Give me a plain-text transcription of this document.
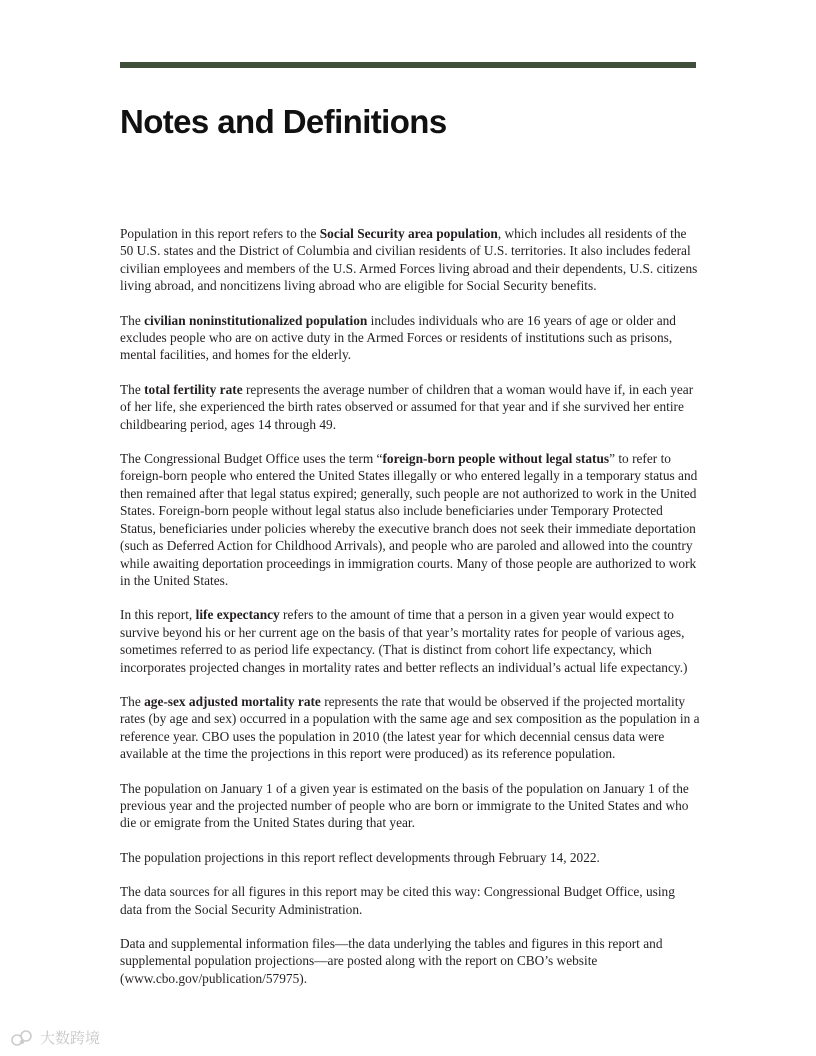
Notes and Definitions

Population in this report refers to the Social Security area population, which includes all residents of the 50 U.S. states and the District of Columbia and civilian residents of U.S. territories. It also includes federal civilian employees and members of the U.S. Armed Forces living abroad and their dependents, U.S. citizens living abroad, and noncitizens living abroad who are eligible for Social Security benefits.

The civilian noninstitutionalized population includes individuals who are 16 years of age or older and excludes people who are on active duty in the Armed Forces or residents of institutions such as prisons, mental facilities, and homes for the elderly.

The total fertility rate represents the average number of children that a woman would have if, in each year of her life, she experienced the birth rates observed or assumed for that year and if she survived her entire childbearing period, ages 14 through 49.

The Congressional Budget Office uses the term “foreign-born people without legal status” to refer to foreign-born people who entered the United States illegally or who entered legally in a temporary status and then remained after that legal status expired; generally, such people are not authorized to work in the United States. Foreign-born people without legal status also include beneficiaries under Temporary Protected Status, beneficiaries under policies whereby the executive branch does not seek their immediate deportation (such as Deferred Action for Childhood Arrivals), and people who are paroled and allowed into the country while awaiting deportation proceedings in immigration courts. Many of those people are authorized to work in the United States.

In this report, life expectancy refers to the amount of time that a person in a given year would expect to survive beyond his or her current age on the basis of that year’s mortality rates for people of various ages, sometimes referred to as period life expectancy. (That is distinct from cohort life expectancy, which incorporates projected changes in mortality rates and better reflects an individual’s actual life expectancy.)

The age-sex adjusted mortality rate represents the rate that would be observed if the projected mortality rates (by age and sex) occurred in a population with the same age and sex composition as the population in a reference year. CBO uses the population in 2010 (the latest year for which decennial census data were available at the time the projections in this report were produced) as its reference population.

The population on January 1 of a given year is estimated on the basis of the population on January 1 of the previous year and the projected number of people who are born or immigrate to the United States and who die or emigrate from the United States during that year.

The population projections in this report reflect developments through February 14, 2022.

The data sources for all figures in this report may be cited this way: Congressional Budget Office, using data from the Social Security Administration.

Data and supplemental information files—the data underlying the tables and figures in this report and supplemental population projections—are posted along with the report on CBO’s website (www.cbo.gov/publication/57975).

大数跨境
